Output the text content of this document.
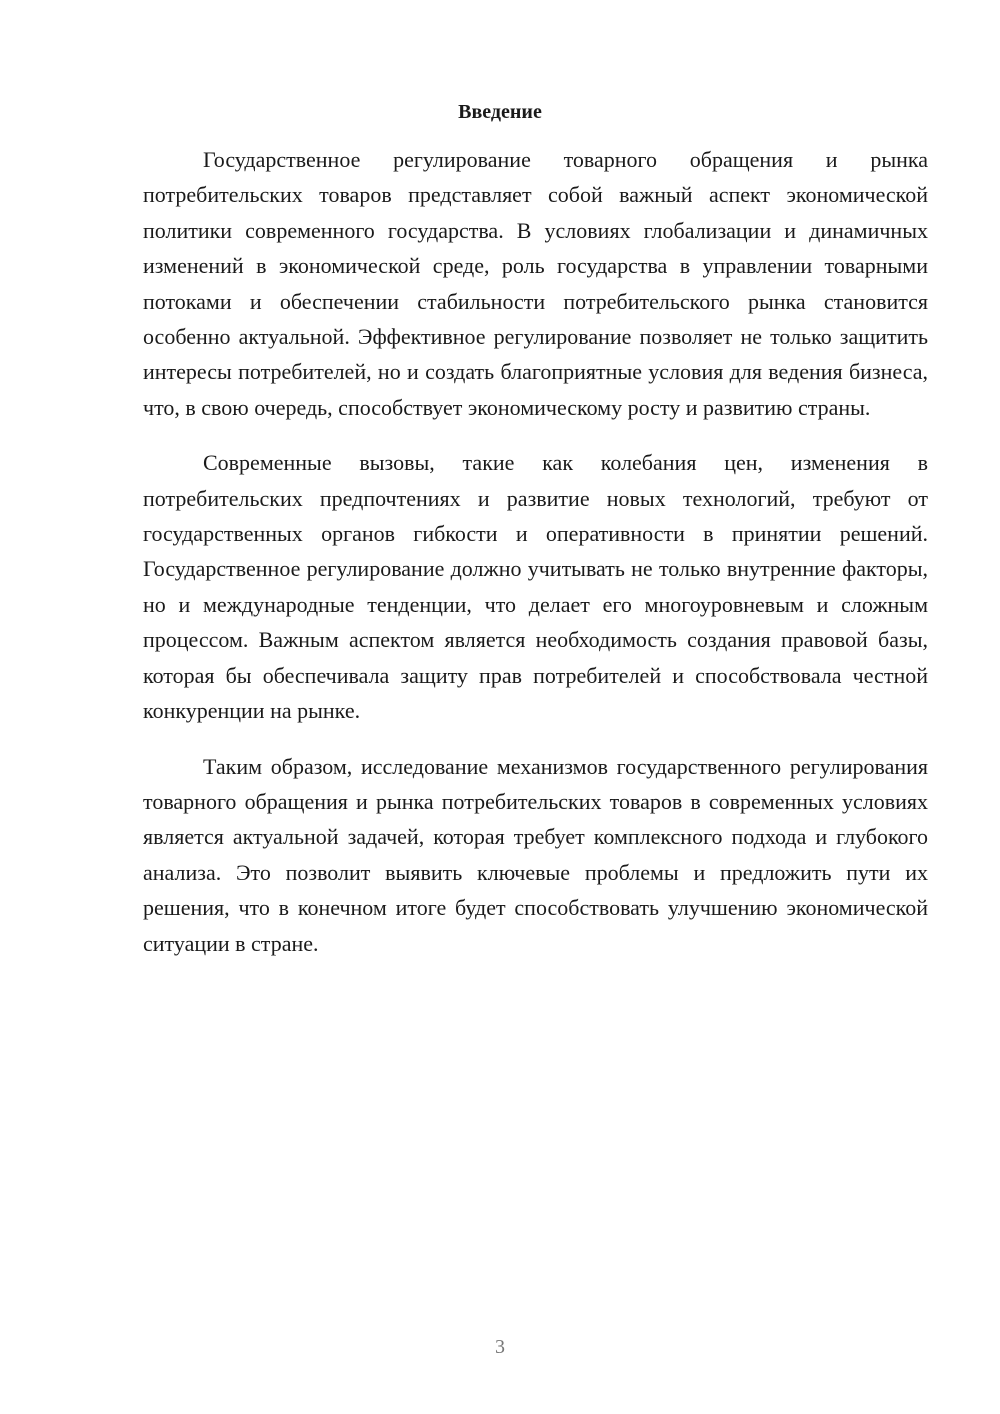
Введение

Государственное регулирование товарного обращения и рынка потребительских товаров представляет собой важный аспект экономической политики современного государства. В условиях глобализации и динамичных изменений в экономической среде, роль государства в управлении товарными потоками и обеспечении стабильности потребительского рынка становится особенно актуальной. Эффективное регулирование позволяет не только защитить интересы потребителей, но и создать благоприятные условия для ведения бизнеса, что, в свою очередь, способствует экономическому росту и развитию страны.

Современные вызовы, такие как колебания цен, изменения в потребительских предпочтениях и развитие новых технологий, требуют от государственных органов гибкости и оперативности в принятии решений. Государственное регулирование должно учитывать не только внутренние факторы, но и международные тенденции, что делает его многоуровневым и сложным процессом. Важным аспектом является необходимость создания правовой базы, которая бы обеспечивала защиту прав потребителей и способствовала честной конкуренции на рынке.

Таким образом, исследование механизмов государственного регулирования товарного обращения и рынка потребительских товаров в современных условиях является актуальной задачей, которая требует комплексного подхода и глубокого анализа. Это позволит выявить ключевые проблемы и предложить пути их решения, что в конечном итоге будет способствовать улучшению экономической ситуации в стране.

3
